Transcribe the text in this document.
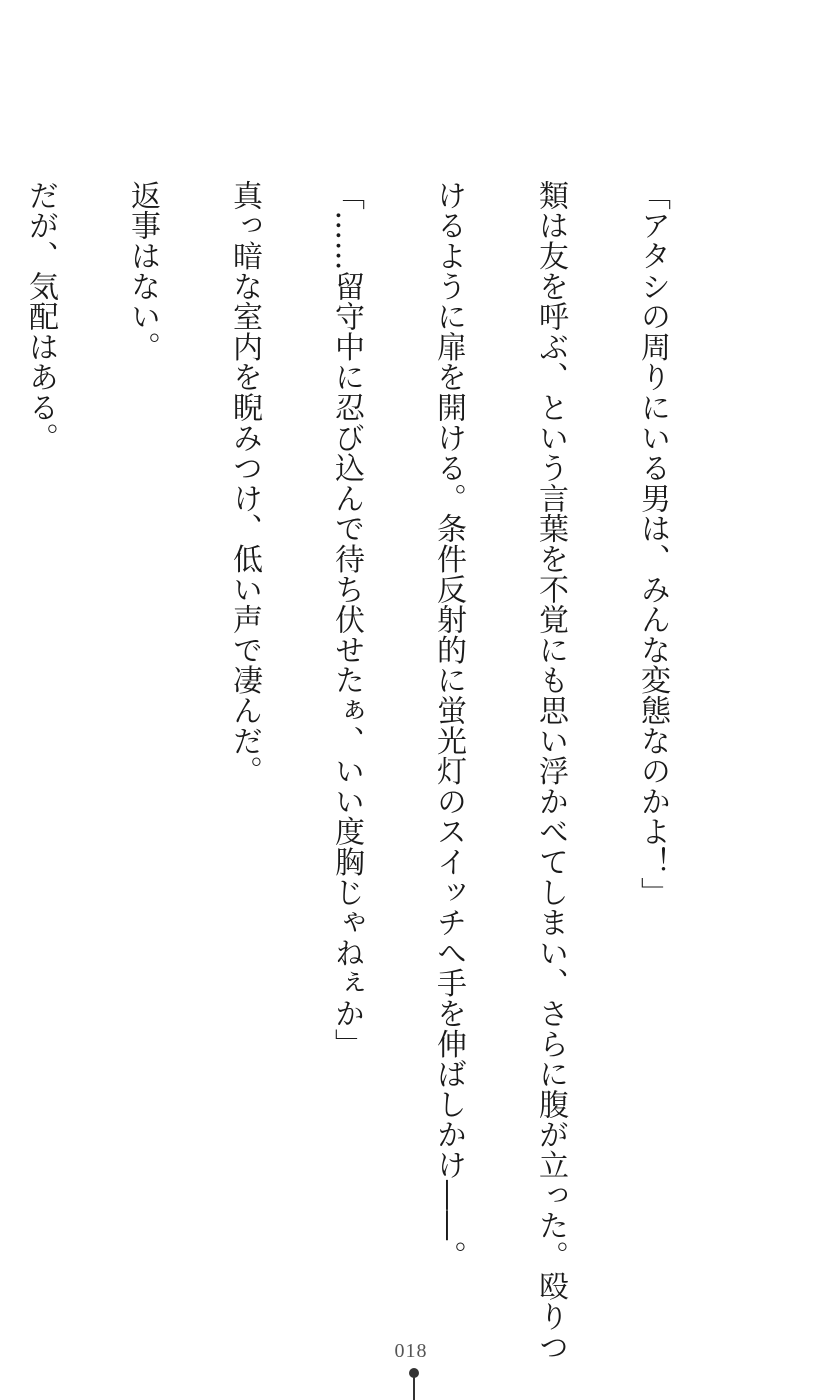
「アタシの周りにいる男は、みんな変態なのかよ！」

類は友を呼ぶ、という言葉を不覚にも思い浮かべてしまい、さらに腹が立った。殴りつ

けるように扉を開ける。条件反射的に蛍光灯のスイッチへ手を伸ばしかけ――。

「……留守中に忍び込んで待ち伏せたぁ、いい度胸じゃねぇか」

真っ暗な室内を睨みつけ、低い声で凄んだ。

返事はない。

だが、気配はある。

018
